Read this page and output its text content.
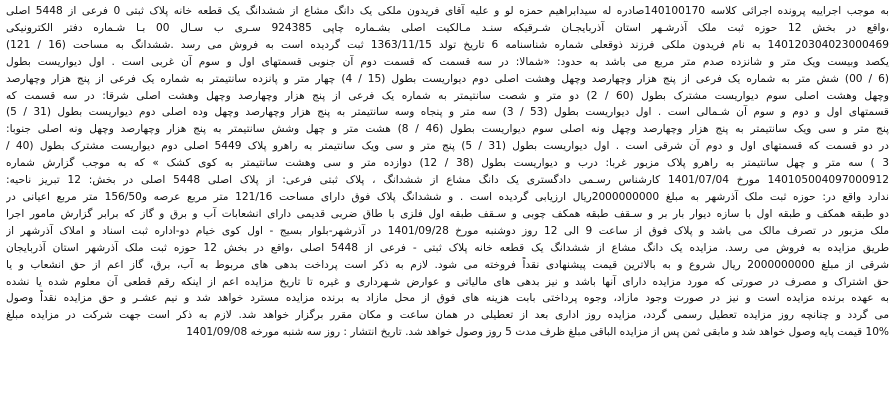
به موجب اجراییه پرونده اجرائی کلاسه 140100170صادره له سیدابراهیم حمزه لو و علیه آقای فریدون ملکی یک دانگ مشاع از ششدانگ یک قطعه خانه پلاک ثبتی 0 فرعی از 5448 اصلی
،واقع در بخش 12 حوزه ثبت ملک آذرشـهر استان آذربایجـان شـرقیکه سنـد مـالکیت اصلی بشـماره چاپی 924385 سـری ب سـال 00 بـا شـماره دفتر الکترونیکی
140120304023000469 به نام فریدون ملکی فرزند ذوقعلی شماره شناسنامه 6 تاریخ تولد 1363/11/15 ثبت گردیده است به فروش می رسد .ششدانگ به مساحت (16 / 121)
یکصد وبیست ویک متر و شانزده صدم متر مربع می باشد به حدود: «شمالا: در سه قسمت که قسمت دوم آن جنوبی قسمتهای اول و سوم آن غربی است . اول دیواریست بطول
(6 / 00) شش متر به شماره یک فرعی از پنج هزار وچهارصد وچهل وهشت اصلی دوم دیواریست بطول (15 / 4) چهار متر و پانزده سانتیمتر به شماره یک فرعی از پنج هزار وچهارصد
وچهل وهشت اصلی سوم دیواریست مشترک بطول (60 / 2) دو متر و شصت سانتیمتر به شماره یک فرعی از پنج هزار وچهارصد وچهل وهشت اصلی شرقا: در سه قسمت که
قسمتهای اول و دوم و سوم آن شـمالی است . اول دیواریست بطول (53 / 3) سه متر و پنجاه وسه سانتیمتر به پنج هزار وچهارصد وچهل وده اصلی دوم دیواریست بطول (31 / 5)
پنج متر و سی ویک سانتیمتر به پنج هزار وچهارصد وچهل ونه اصلی سوم دیواریست بطول (46 / 8) هشت متر و چهل وشش سانتیمتر به پنج هزار وچهارصد وچهل ونه اصلی جنوبا:
در دو قسمت که قسمتهای اول و دوم آن شرقی است . اول دیواریست بطول (31 / 5) پنج متر و سی ویک سانتیمتر به راهرو پلاک 5449 اصلی دوم دیواریست مشترک بطول (40 /
3 ) سه متر و چهل سانتیمتر به راهرو پلاک مزبور غربا: درب و دیواریست بطول (38 / 12) دوازده متر و سی وهشت سانتیمتر به کوی کشک » که به موجب گزارش شماره
140105004097000912 مورخ 1401/07/04 کارشناس رسـمی دادگستری یک دانگ مشاع از ششدانگ ، پلاک ثبتی فرعی: از پلاک اصلی 5448 اصلی در بخش: 12 تبریز ناحیه:
ندارد واقع در: حوزه ثبت ملک آذرشهر به مبلغ 2000000000ریال ارزیابی گردیده است . و ششدانگ پلاک فوق دارای مساحت 121/16 متر مربع عرصه و156/50 متر مربع اعیانی در
دو طبقه همکف و طبقه اول با سازه دیوار بار بر و سـقف طبقه همکف چوبی و سـقف طبقه اول فلزی با طاق ضربی قدیمی دارای انشعابات آب و برق و گاز که برابر گزارش مامور اجرا
ملک مزبور در تصرف مالک می باشد و پلاک فوق از ساعت 9 الی 12 روز دوشنبه مورخ 1401/09/28 در آذرشهر-بلوار بسیج - اول کوی خیام دو-اداره ثبت اسناد و املاک آذرشهر از
طریق مزایده به فروش می رسد. مزایده یک دانگ مشاع از ششدانگ یک قطعه خانه پلاک ثبتی - فرعی از 5448 اصلی ،واقع در بخش 12 حوزه ثبت ملک آذرشهر استان آذربایجان
شرقی از مبلغ 2000000000 ریال شروع و به بالاترین قیمت پیشنهادی نقداً فروخته می شود. لازم به ذکر است پرداخت بدهی های مربوط به آب، برق، گاز اعم از حق انشعاب و یا
حق اشتراک و مصرف در صورتی که مورد مزایده دارای آنها باشد و نیز بدهی های مالیاتی و عوارض شـهرداری و غیره تا تاریخ مزایده اعم از اینکه رقم قطعی آن معلوم شده یا نشده
به عهده برنده مزایده است و نیز در صورت وجود مازاد، وجوه پرداختی بابت هزینه های فوق از محل مازاد به برنده مزایده مسترد خواهد شد و نیم عشـر و حق مزایده نقداً وصول
می گردد و چنانچه روز مزایده تعطیل رسمی گردد، مزایده روز اداری بعد از تعطیلی در همان ساعت و مکان مقرر برگزار خواهد شد. لازم به ذکر است جهت شرکت در مزایده مبلغ
10% قیمت پایه وصول خواهد شد و مابقی ثمن پس از مزایده الباقی مبلغ ظرف مدت 5 روز وصول خواهد شد. تاریخ انتشار : روز سه شنبه مورخه 1401/09/08
